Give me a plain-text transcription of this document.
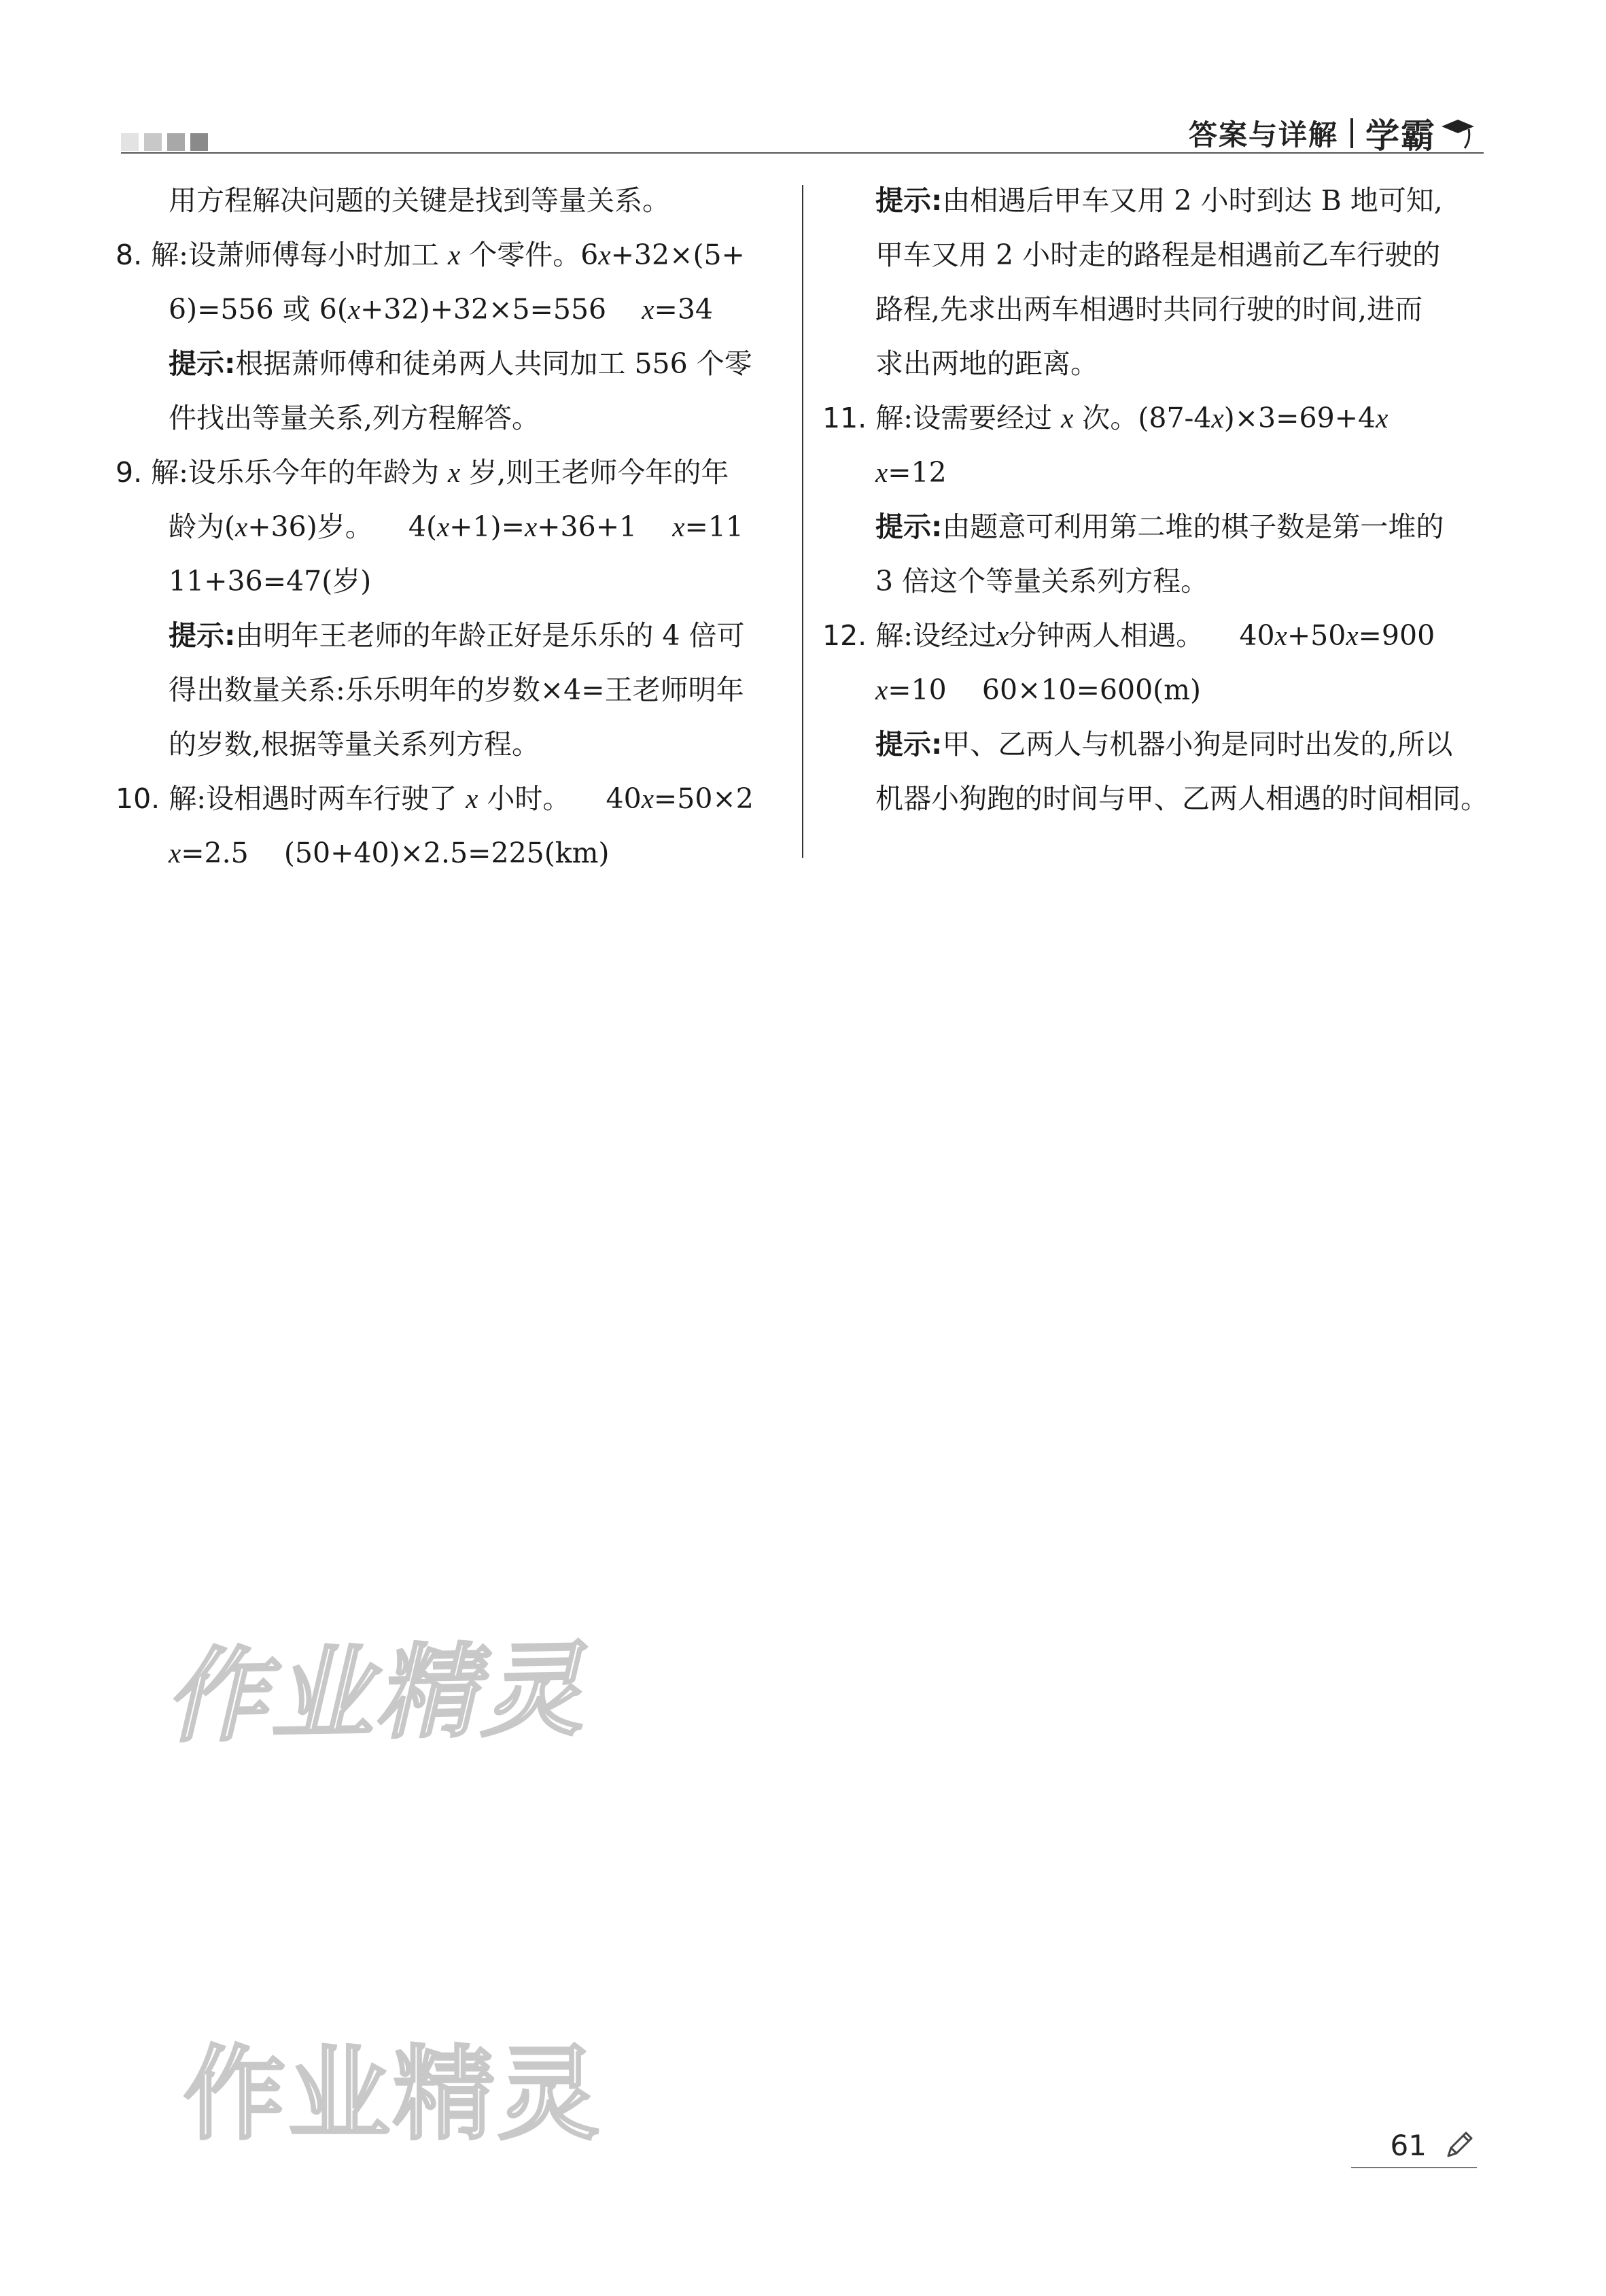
答案与详解 学霸
用方程解决问题的关键是找到等量关系。
8. 解:设萧师傅每小时加工 x 个零件。6x+32×(5+
6)=556 或 6(x+32)+32×5=556 x=34
提示:根据萧师傅和徒弟两人共同加工 556 个零
件找出等量关系,列方程解答。
9. 解:设乐乐今年的年龄为 x 岁,则王老师今年的年
龄为(x+36)岁。 4(x+1)=x+36+1 x=11
11+36=47(岁)
提示:由明年王老师的年龄正好是乐乐的 4 倍可
得出数量关系:乐乐明年的岁数×4=王老师明年
的岁数,根据等量关系列方程。
10. 解:设相遇时两车行驶了 x 小时。 40x=50×2
x=2.5 (50+40)×2.5=225(km)
提示:由相遇后甲车又用 2 小时到达 B 地可知,
甲车又用 2 小时走的路程是相遇前乙车行驶的
路程,先求出两车相遇时共同行驶的时间,进而
求出两地的距离。
11. 解:设需要经过 x 次。(87-4x)×3=69+4x
x=12
提示:由题意可利用第二堆的棋子数是第一堆的
3 倍这个等量关系列方程。
12. 解:设经过x分钟两人相遇。 40x+50x=900
x=10 60×10=600(m)
提示:甲、乙两人与机器小狗是同时出发的,所以
机器小狗跑的时间与甲、乙两人相遇的时间相同。
作业精灵
作业精灵	61
